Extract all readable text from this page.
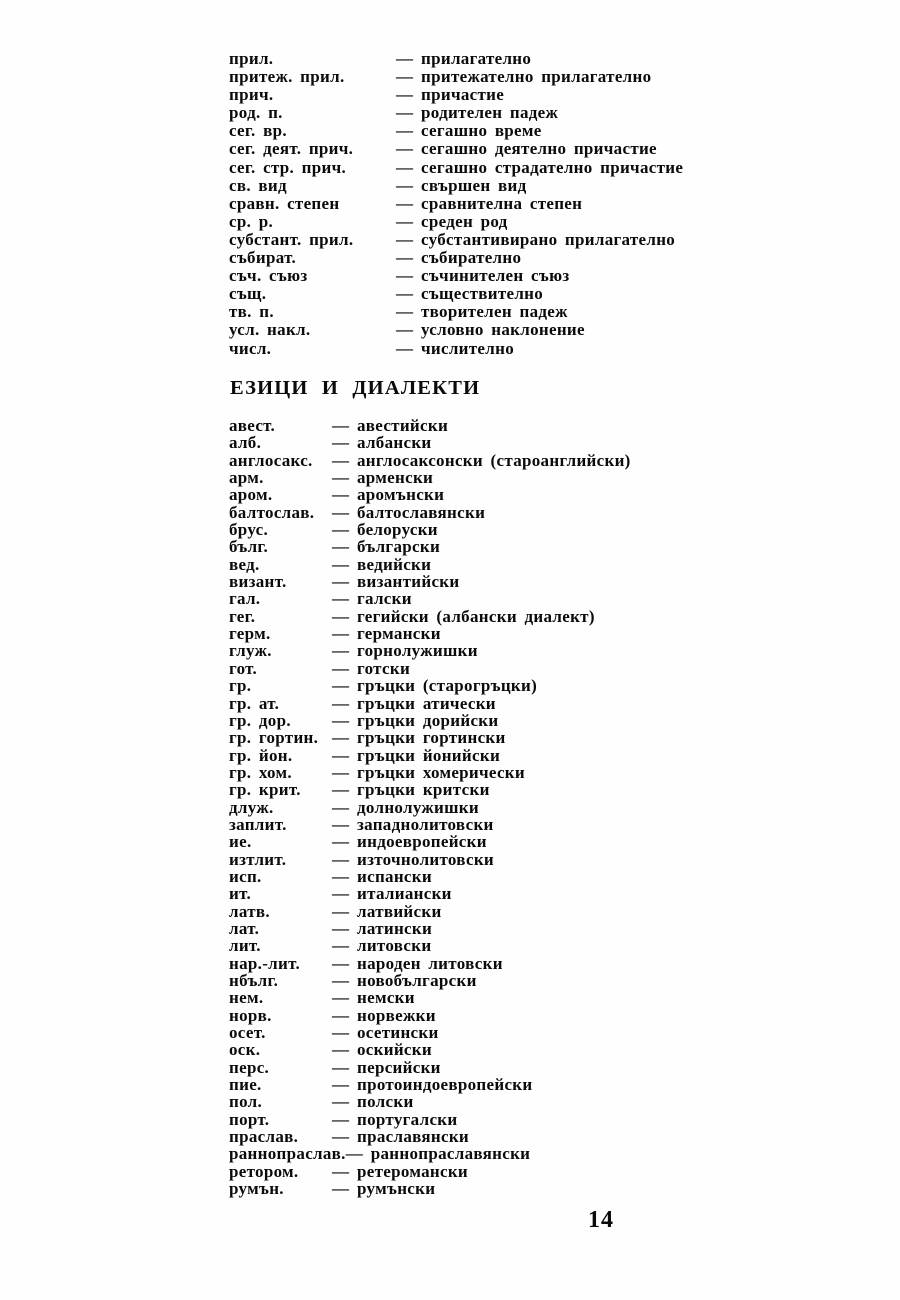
прил.	— прилагателно
притеж. прил.	— притежателно прилагателно
прич.	— причастие
род. п.	— родителен падеж
сег. вр.	— сегашно време
сег. деят. прич.	— сегашно деятелно причастие
сег. стр. прич.	— сегашно страдателно причастие
св. вид	— свършен вид
сравн. степен	— сравнителна степен
ср. р.	— среден род
субстант. прил.	— субстантивирано прилагателно
събират.	— събирателно
съч. съюз	— съчинителен съюз
същ.	— съществително
тв. п.	— творителен падеж
усл. накл.	— условно наклонение
числ.	— числително
ЕЗИЦИ И ДИАЛЕКТИ
авест.	— авестийски
алб.	— албански
англосакс.	— англосаксонски (староанглийски)
арм.	— арменски
аром.	— аромънски
балтослав.	— балтославянски
брус.	— белоруски
бълг.	— български
вед.	— ведийски
визант.	— византийски
гал.	— галски
гег.	— гегийски (албански диалект)
герм.	— германски
глуж.	— горнолужишки
гот.	— готски
гр.	— гръцки (старогръцки)
гр. ат.	— гръцки атически
гр. дор.	— гръцки дорийски
гр. гортин. — гръцки гортински
гр. йон.	— гръцки йонийски
гр. хом.	— гръцки хомерически
гр. крит.	— гръцки критски
длуж.	— долнолужишки
заплит.	— западнолитовски
ие.	— индоевропейски
изтлит.	— източнолитовски
исп.	— испански
ит.	— италиански
латв.	— латвийски
лат.	— латински
лит.	— литовски
нар.-лит.	— народен литовски
нбълг.	— новобългарски
нем.	— немски
норв.	— норвежки
осет.	— осетински
оск.	— оскийски
перс.	— персийски
пие.	— протоиндоевропейски
пол.	— полски
порт.	— португалски
праслав.	— праславянски
раннопраслав. — раннопраславянски
ретором.	— ретеромански
румън.	— румънски
14
